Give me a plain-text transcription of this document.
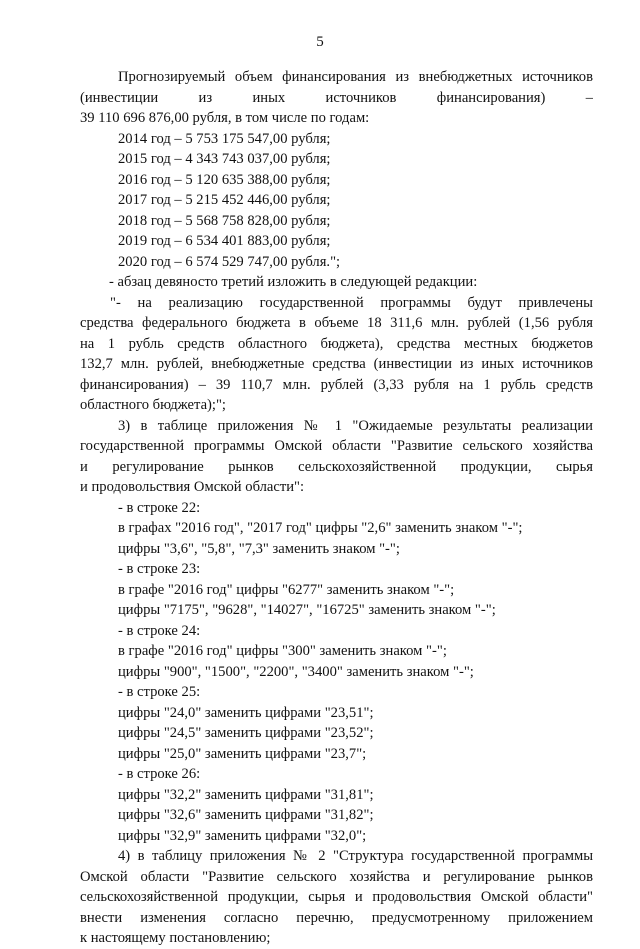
5
Прогнозируемый объем финансирования из внебюджетных источников
(инвестиции из иных источников финансирования) –
39 110 696 876,00 рубля, в том числе по годам:
2014 год – 5 753 175 547,00 рубля;
2015 год – 4 343 743 037,00 рубля;
2016 год – 5 120 635 388,00 рубля;
2017 год – 5 215 452 446,00 рубля;
2018 год – 5 568 758 828,00 рубля;
2019 год – 6 534 401 883,00 рубля;
2020 год – 6 574 529 747,00 рубля.";
- абзац девяносто третий изложить в следующей редакции:
"- на реализацию государственной программы будут привлечены
средства федерального бюджета в объеме 18 311,6 млн. рублей (1,56 рубля
на 1 рубль средств областного бюджета), средства местных бюджетов
132,7 млн. рублей, внебюджетные средства (инвестиции из иных источников
финансирования) – 39 110,7 млн. рублей (3,33 рубля на 1 рубль средств
областного бюджета);";
3) в таблице приложения № 1 "Ожидаемые результаты реализации
государственной программы Омской области "Развитие сельского хозяйства
и регулирование рынков сельскохозяйственной продукции, сырья
и продовольствия Омской области":
- в строке 22:
в графах "2016 год", "2017 год" цифры "2,6" заменить знаком "-";
цифры "3,6", "5,8", "7,3" заменить знаком "-";
- в строке 23:
в графе "2016 год" цифры "6277" заменить знаком "-";
цифры "7175", "9628", "14027", "16725" заменить знаком "-";
- в строке 24:
в графе "2016 год" цифры "300" заменить знаком "-";
цифры "900", "1500", "2200", "3400" заменить знаком "-";
- в строке 25:
цифры "24,0" заменить цифрами "23,51";
цифры "24,5" заменить цифрами "23,52";
цифры "25,0" заменить цифрами "23,7";
- в строке 26:
цифры "32,2" заменить цифрами "31,81";
цифры "32,6" заменить цифрами "31,82";
цифры "32,9" заменить цифрами "32,0";
4) в таблицу приложения № 2 "Структура государственной программы
Омской области "Развитие сельского хозяйства и регулирование рынков
сельскохозяйственной продукции, сырья и продовольствия Омской области"
внести изменения согласно перечню, предусмотренному приложением
к настоящему постановлению;
